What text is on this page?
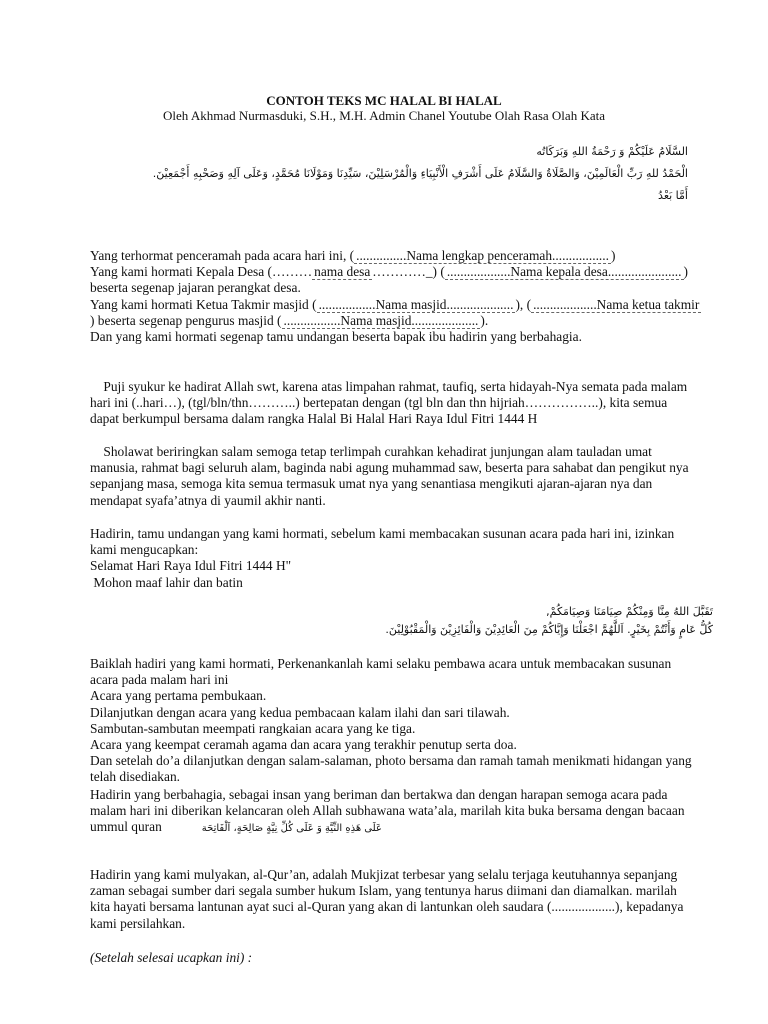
CONTOH TEKS MC HALAL BI HALAL
Oleh Akhmad Nurmasduki, S.H., M.H. Admin Chanel Youtube Olah Rasa Olah Kata
السَّلَامُ عَلَيْكُمْ وَ رَحْمَةُ اللهِ وَبَرَكَاتُه
الْحَمْدُ للهِ رَبِّ الْعَالَمِيْنَ، وَالصَّلَاةُ وَالسَّلَامُ عَلَى أَشْرَفِ الْأَنْبِيَاءِ وَالْمُرْسَلِيْنَ، سَيِّدِنَا وَمَوْلَانَا مُحَمَّدٍ، وَعَلَى آلِهِ وَصَحْبِهِ أَجْمَعِيْنَ.
أَمَّا بَعْدُ
Yang terhormat penceramah pada acara hari ini, ( ...............Nama lengkap penceramah................. )
Yang kami hormati Kepala Desa (……… nama desa …………_) ( ...................Nama kepala desa...................... )
beserta segenap jajaran perangkat desa.
Yang kami hormati Ketua Takmir masjid ( .................Nama masjid.................... ), ( ...................Nama ketua takmir
) beserta segenap pengurus masjid ( .................Nama masjid.................... ).
Dan yang kami hormati segenap tamu undangan beserta bapak ibu hadirin yang berbahagia.
Puji syukur ke hadirat Allah swt, karena atas limpahan rahmat, taufiq, serta hidayah-Nya semata pada malam
hari ini (..hari…), (tgl/bln/thn………..) bertepatan dengan (tgl bln dan thn hijriah……………..), kita semua
dapat berkumpul bersama dalam rangka Halal Bi Halal Hari Raya Idul Fitri 1444 H
Sholawat beriringkan salam semoga tetap terlimpah curahkan kehadirat junjungan alam tauladan umat
manusia, rahmat bagi seluruh alam, baginda nabi agung muhammad saw, beserta para sahabat dan pengikut nya
sepanjang masa, semoga kita semua termasuk umat nya yang senantiasa mengikuti ajaran-ajaran nya dan
mendapat syafa’atnya di yaumil akhir nanti.
Hadirin, tamu undangan yang kami hormati, sebelum kami membacakan susunan acara pada hari ini, izinkan
kami mengucapkan:
Selamat Hari Raya Idul Fitri 1444 H"
Mohon maaf lahir dan batin
تَقَبَّلَ اللهُ مِنَّا وَمِنْكُمْ صِيَامَنَا وَصِيَامَكُمْ,
كُلُّ عَامٍ وَأَنْتُمْ بِخَيْرٍ. اَللَّهُمَّ اجْعَلْنَا وَإِيَّاكُمْ مِنَ الْعَائِدِيْنَ وَالْفَائِزِيْنَ وَالْمَقْبُوْلِيْنَ.
Baiklah hadiri yang kami hormati, Perkenankanlah kami selaku pembawa acara untuk membacakan susunan
acara pada malam hari ini
Acara yang pertama pembukaan.
Dilanjutkan dengan acara yang kedua pembacaan kalam ilahi dan sari tilawah.
Sambutan-sambutan meempati rangkaian acara yang ke tiga.
Acara yang keempat ceramah agama dan acara yang terakhir penutup serta doa.
Dan setelah do’a dilanjutkan dengan salam-salaman, photo bersama dan ramah tamah menikmati hidangan yang
telah disediakan.
Hadirin yang berbahagia, sebagai insan yang beriman dan bertakwa dan dengan harapan semoga acara pada
malam hari ini diberikan kelancaran oleh Allah subhawana wata’ala, marilah kita buka bersama dengan bacaan
ummul quran	عَلَى هَذِهِ النِّيَّةِ وَ عَلَى كُلِّ نِيَّةٍ صَالِحَةٍ، اَلْفَاتِحَة
Hadirin yang kami mulyakan, al-Qur’an, adalah Mukjizat terbesar yang selalu terjaga keutuhannya sepanjang
zaman sebagai sumber dari segala sumber hukum Islam, yang tentunya harus diimani dan diamalkan. marilah
kita hayati bersama lantunan ayat suci al-Quran yang akan di lantunkan oleh saudara (...................), kepadanya
kami persilahkan.
(Setelah selesai ucapkan ini) :
